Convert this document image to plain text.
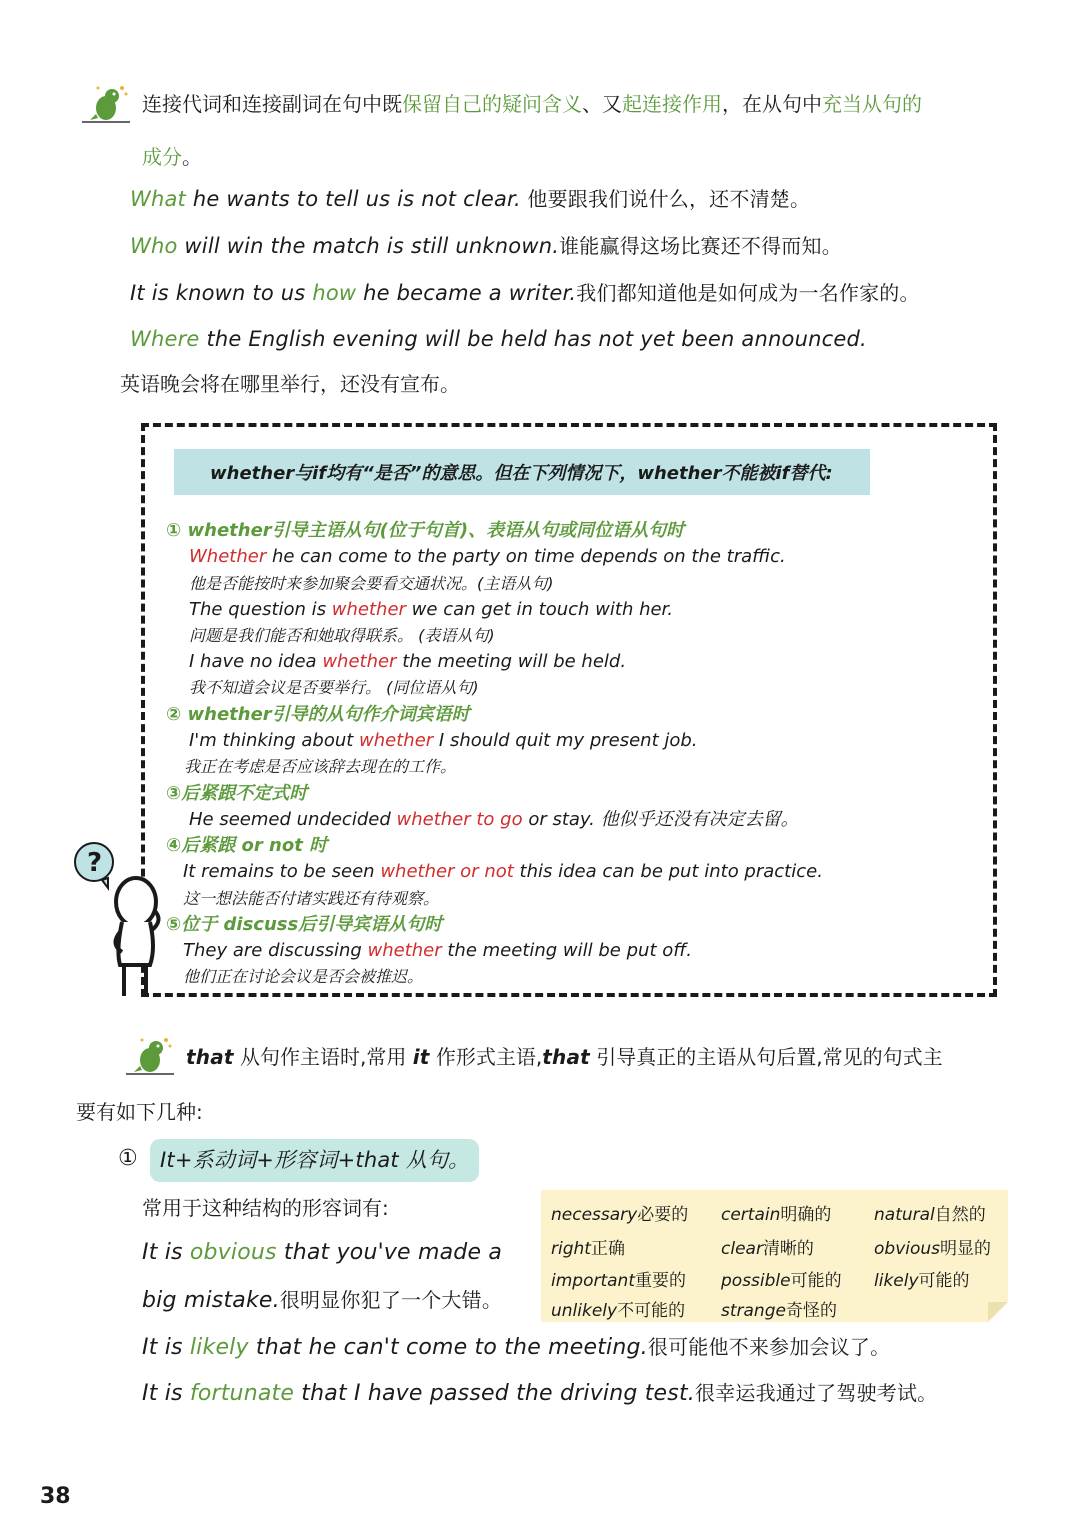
连接代词和连接副词在句中既保留自己的疑问含义、又起连接作用，在从句中充当从句的
成分。
What he wants to tell us is not clear. 他要跟我们说什么，还不清楚。
Who will win the match is still unknown.谁能赢得这场比赛还不得而知。
It is known to us how he became a writer.我们都知道他是如何成为一名作家的。
Where the English evening will be held has not yet been announced.
英语晚会将在哪里举行，还没有宣布。
whether与if均有“是否”的意思。但在下列情况下，whether不能被if替代:
① whether引导主语从句(位于句首)、表语从句或同位语从句时
Whether he can come to the party on time depends on the traffic.
他是否能按时来参加聚会要看交通状况。(主语从句)
The question is whether we can get in touch with her.
问题是我们能否和她取得联系。 (表语从句)
I have no idea whether the meeting will be held.
我不知道会议是否要举行。 (同位语从句)
② whether引导的从句作介词宾语时
I'm thinking about whether I should quit my present job.
我正在考虑是否应该辞去现在的工作。
③后紧跟不定式时
He seemed undecided whether to go or stay. 他似乎还没有决定去留。
④后紧跟 or not 时
It remains to be seen whether or not this idea can be put into practice.
这一想法能否付诸实践还有待观察。
⑤位于 discuss后引导宾语从句时
They are discussing whether the meeting will be put off.
他们正在讨论会议是否会被推迟。
?
that 从句作主语时,常用 it 作形式主语,that 引导真正的主语从句后置,常见的句式主
要有如下几种:
①	It+系动词+形容词+that 从句。
常用于这种结构的形容词有:
It is obvious that you've made a
big mistake.很明显你犯了一个大错。
It is likely that he can't come to the meeting.很可能他不来参加会议了。
It is fortunate that I have passed the driving test.很幸运我通过了驾驶考试。
necessary必要的 certain明确的	natural自然的
right正确	clear清晰的	obvious明显的
important重要的 possible可能的 likely可能的
unlikely不可能的 strange奇怪的
38
